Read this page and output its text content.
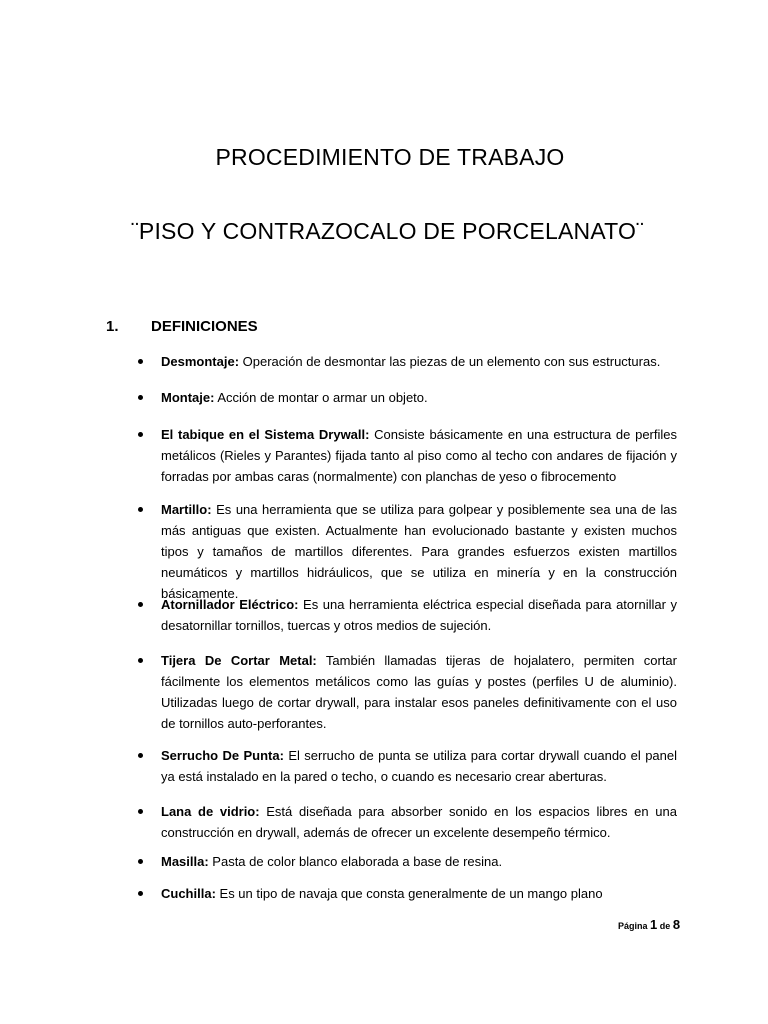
PROCEDIMIENTO DE TRABAJO
¨PISO Y CONTRAZOCALO DE PORCELANATO¨
1. DEFINICIONES
Desmontaje: Operación de desmontar las piezas de un elemento con sus estructuras.
Montaje: Acción de montar o armar un objeto.
El tabique en el Sistema Drywall: Consiste básicamente en una estructura de perfiles metálicos (Rieles y Parantes) fijada tanto al piso como al techo con andares de fijación y forradas por ambas caras (normalmente) con planchas de yeso o fibrocemento
Martillo: Es una herramienta que se utiliza para golpear y posiblemente sea una de las más antiguas que existen. Actualmente han evolucionado bastante y existen muchos tipos y tamaños de martillos diferentes. Para grandes esfuerzos existen martillos neumáticos y martillos hidráulicos, que se utiliza en minería y en la construcción básicamente.
Atornillador Eléctrico: Es una herramienta eléctrica especial diseñada para atornillar y desatornillar tornillos, tuercas y otros medios de sujeción.
Tijera De Cortar Metal: También llamadas tijeras de hojalatero, permiten cortar fácilmente los elementos metálicos como las guías y postes (perfiles U de aluminio). Utilizadas luego de cortar drywall, para instalar esos paneles definitivamente con el uso de tornillos auto-perforantes.
Serrucho De Punta: El serrucho de punta se utiliza para cortar drywall cuando el panel ya está instalado en la pared o techo, o cuando es necesario crear aberturas.
Lana de vidrio: Está diseñada para absorber sonido en los espacios libres en una construcción en drywall, además de ofrecer un excelente desempeño térmico.
Masilla: Pasta de color blanco elaborada a base de resina.
Cuchilla: Es un tipo de navaja que consta generalmente de un mango plano
Página 1 de 8
